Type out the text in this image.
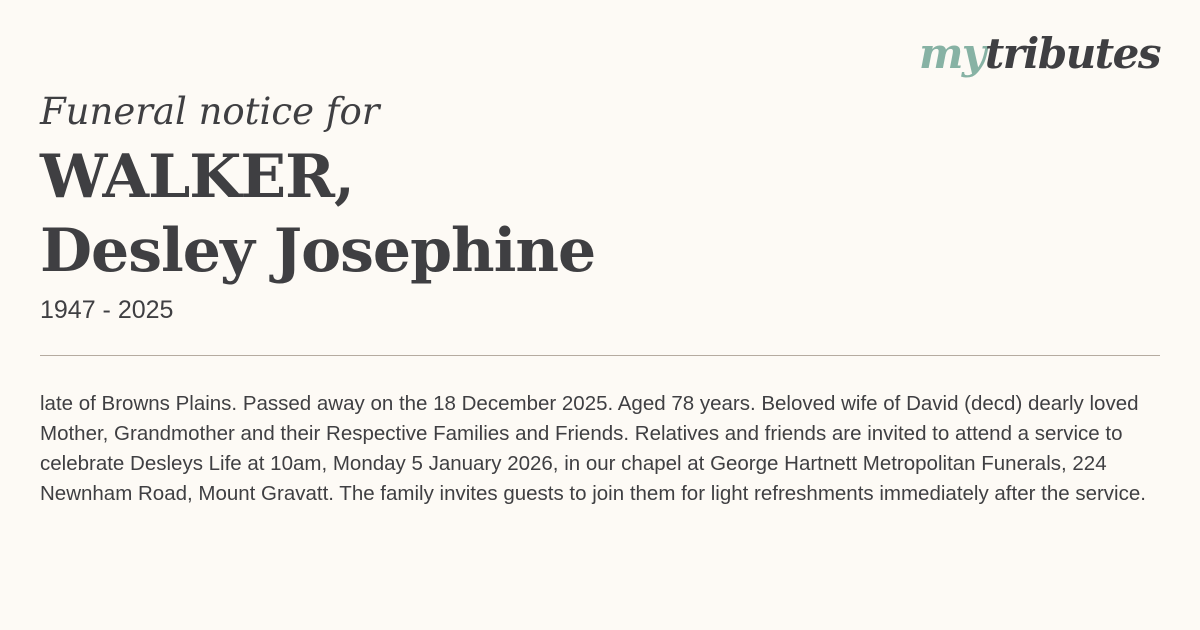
mytributes

Funeral notice for

WALKER,
Desley Josephine
1947 - 2025

late of Browns Plains. Passed away on the 18 December 2025. Aged 78 years. Beloved wife of David (decd) dearly loved Mother, Grandmother and their Respective Families and Friends. Relatives and friends are invited to attend a service to celebrate Desleys Life at 10am, Monday 5 January 2026, in our chapel at George Hartnett Metropolitan Funerals, 224 Newnham Road, Mount Gravatt. The family invites guests to join them for light refreshments immediately after the service.
